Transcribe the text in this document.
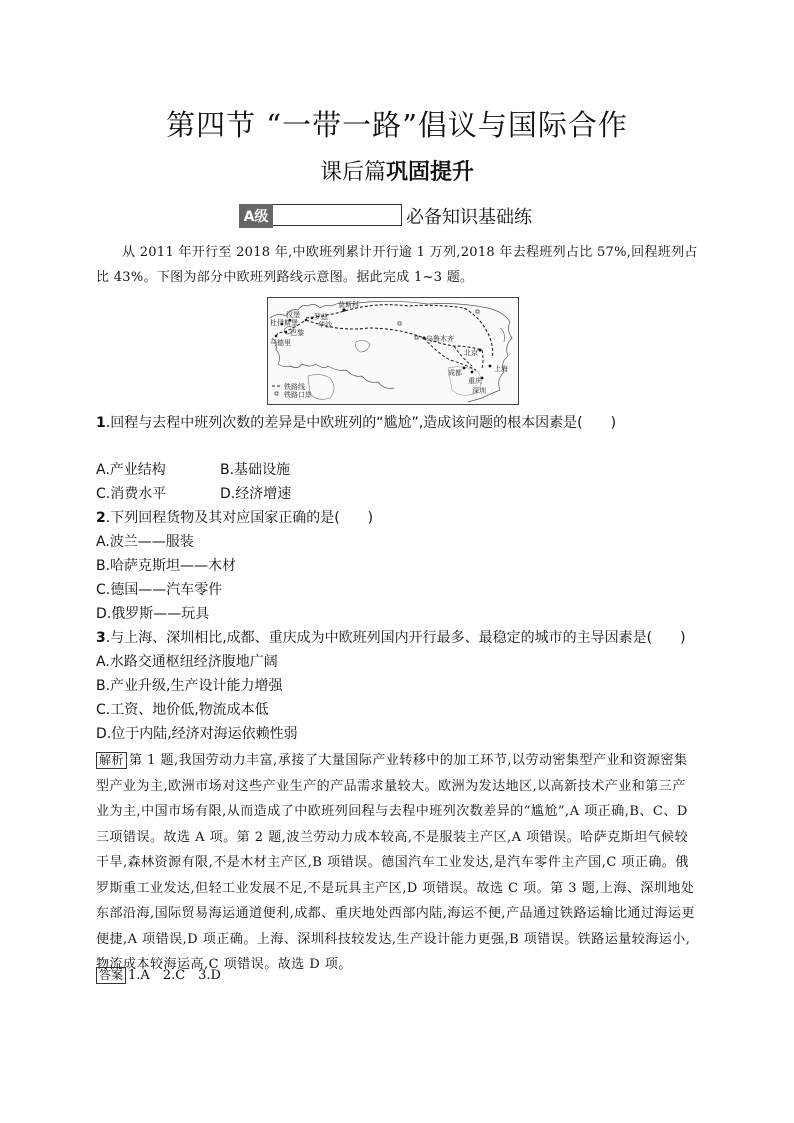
第四节 “一带一路”倡议与国际合作
课后篇巩固提升
A级	必备知识基础练
从 2011 年开行至 2018 年,中欧班列累计开行逾 1 万列,2018 年去程班列占比 57%,回程班列占比 43%。下图为部分中欧班列路线示意图。据此完成 1~3 题。
莫斯科
罗兹
华沙
汉堡
杜伊斯堡
巴黎
马德里	乌鲁木齐
北京
成都
重庆
上海
深圳
铁路线
铁路口岸
1.回程与去程中班列次数的差异是中欧班列的“尴尬”,造成该问题的根本因素是(　　)
A.产业结构	B.基础设施
C.消费水平	D.经济增速
2.下列回程货物及其对应国家正确的是(　　)
A.波兰——服装
B.哈萨克斯坦——木材
C.德国——汽车零件
D.俄罗斯——玩具
3.与上海、深圳相比,成都、重庆成为中欧班列国内开行最多、最稳定的城市的主导因素是(　　)
A.水路交通枢纽经济腹地广阔
B.产业升级,生产设计能力增强
C.工资、地价低,物流成本低
D.位于内陆,经济对海运依赖性弱
解析 第 1 题,我国劳动力丰富,承接了大量国际产业转移中的加工环节,以劳动密集型产业和资源密集型产业为主,欧洲市场对这些产业生产的产品需求量较大。欧洲为发达地区,以高新技术产业和第三产业为主,中国市场有限,从而造成了中欧班列回程与去程中班列次数差异的“尴尬”,A 项正确,B、C、D 三项错误。故选 A 项。第 2 题,波兰劳动力成本较高,不是服装主产区,A 项错误。哈萨克斯坦气候较干旱,森林资源有限,不是木材主产区,B 项错误。德国汽车工业发达,是汽车零件主产国,C 项正确。俄罗斯重工业发达,但轻工业发展不足,不是玩具主产区,D 项错误。故选 C 项。第 3 题,上海、深圳地处东部沿海,国际贸易海运通道便利,成都、重庆地处西部内陆,海运不便,产品通过铁路运输比通过海运更便捷,A 项错误,D 项正确。上海、深圳科技较发达,生产设计能力更强,B 项错误。铁路运量较海运小,物流成本较海运高,C 项错误。故选 D 项。
答案 1.A　2.C　3.D
